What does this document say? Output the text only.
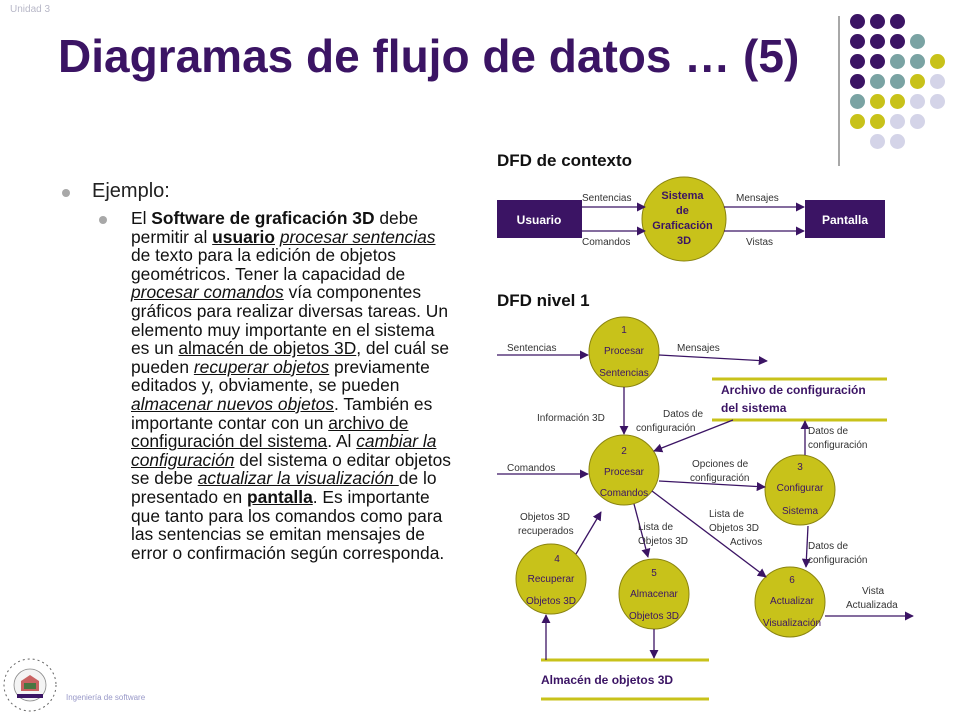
Unidad 3
Diagramas de flujo de datos … (5)
Ejemplo:
El Software de graficación 3D debe permitir al usuario procesar sentencias de texto para la edición de objetos geométricos. Tener la capacidad de procesar comandos vía componentes gráficos para realizar diversas tareas. Un elemento muy importante en el sistema es un almacén de objetos 3D, del cuál se pueden recuperar objetos previamente editados y, obviamente, se pueden almacenar nuevos objetos. También es importante contar con un archivo de configuración del sistema. Al cambiar la configuración del sistema o editar objetos se debe actualizar la visualización de lo presentado en pantalla. Es importante que tanto para los comandos como para las sentencias se emitan mensajes de error o confirmación según corresponda.
DFD de contexto
DFD nivel 1
Usuario	Pantalla
Sistema de Graficación 3D
Sentencias
Comandos
Mensajes
Vistas
1
Procesar
Sentencias
2
Procesar
Comandos
3
Configurar
Sistema
4
Recuperar
Objetos 3D
5
Almacenar
Objetos 3D
6
Actualizar
Visualización
Archivo de configuración
del sistema
Almacén de objetos 3D
Sentencias	Mensajes
Información 3D	Datos de
configuración
Comandos	Opciones de
configuración
Datos de
configuración
Objetos 3D
recuperados	Lista de
Objetos 3D
Lista de
Objetos 3D
Activos	Datos de
configuración
Vista
Actualizada
Ingeniería de software
